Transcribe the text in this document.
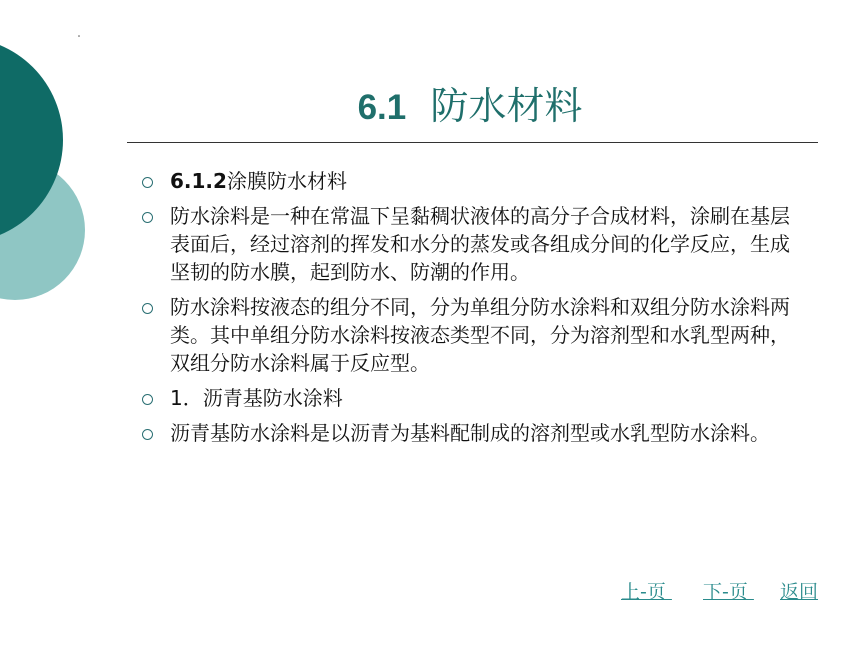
6.1 防水材料
6.1.2涂膜防水材料
防水涂料是一种在常温下呈黏稠状液体的高分子合成材料，涂刷在基层表面后，经过溶剂的挥发和水分的蒸发或各组成分间的化学反应，生成坚韧的防水膜，起到防水、防潮的作用。
防水涂料按液态的组分不同，分为单组分防水涂料和双组分防水涂料两类。其中单组分防水涂料按液态类型不同，分为溶剂型和水乳型两种，双组分防水涂料属于反应型。
1．沥青基防水涂料
沥青基防水涂料是以沥青为基料配制成的溶剂型或水乳型防水涂料。
上-页 下-页 返回
